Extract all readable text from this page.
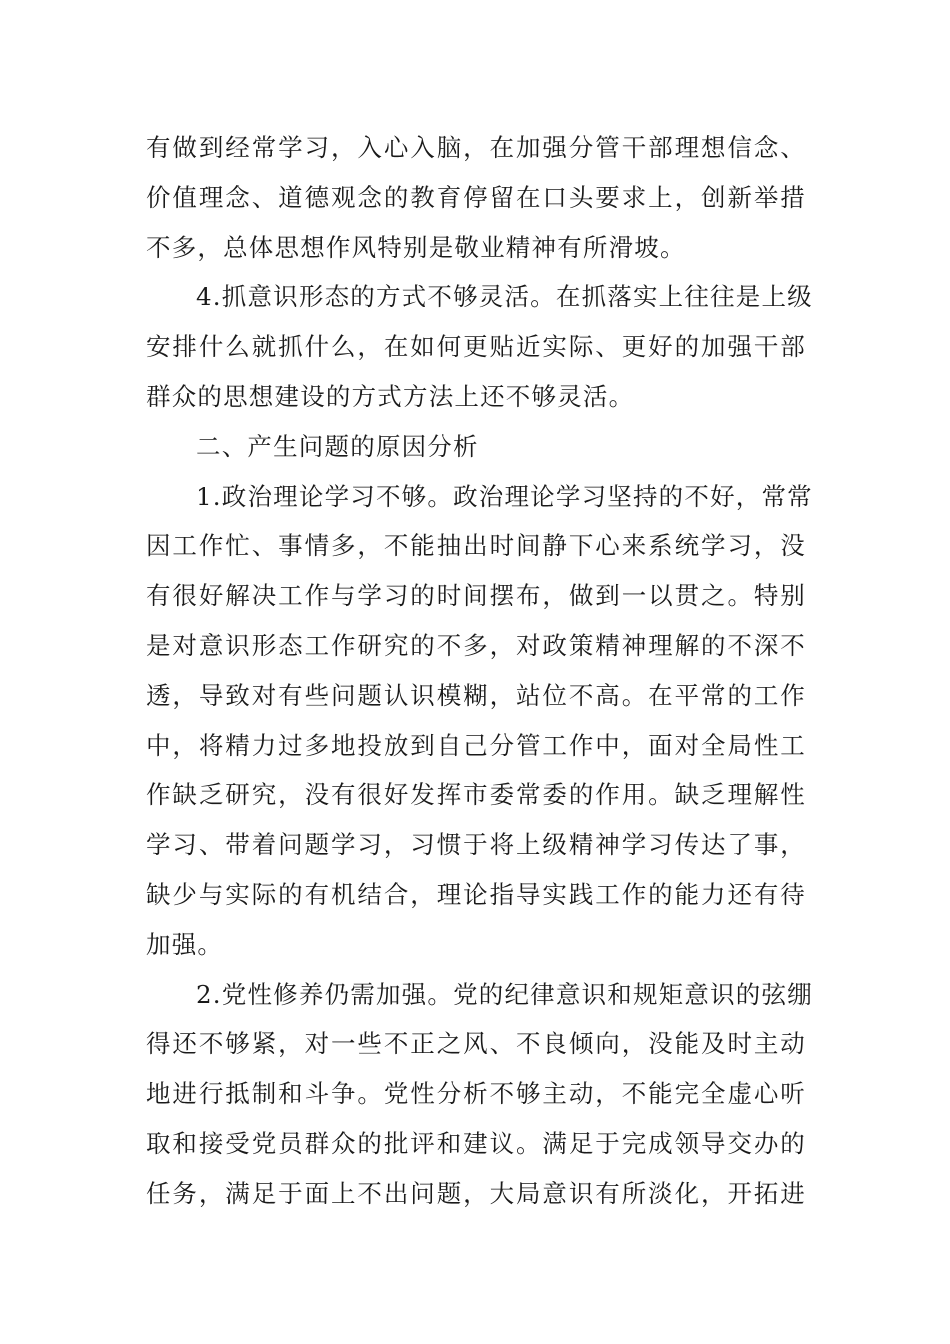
有做到经常学习，入心入脑，在加强分管干部理想信念、
价值理念、道德观念的教育停留在口头要求上，创新举措
不多，总体思想作风特别是敬业精神有所滑坡。
4.抓意识形态的方式不够灵活。在抓落实上往往是上级
安排什么就抓什么，在如何更贴近实际、更好的加强干部
群众的思想建设的方式方法上还不够灵活。
二、产生问题的原因分析
1.政治理论学习不够。政治理论学习坚持的不好，常常
因工作忙、事情多，不能抽出时间静下心来系统学习，没
有很好解决工作与学习的时间摆布，做到一以贯之。特别
是对意识形态工作研究的不多，对政策精神理解的不深不
透，导致对有些问题认识模糊，站位不高。在平常的工作
中，将精力过多地投放到自己分管工作中，面对全局性工
作缺乏研究，没有很好发挥市委常委的作用。缺乏理解性
学习、带着问题学习，习惯于将上级精神学习传达了事，
缺少与实际的有机结合，理论指导实践工作的能力还有待
加强。
2.党性修养仍需加强。党的纪律意识和规矩意识的弦绷
得还不够紧，对一些不正之风、不良倾向，没能及时主动
地进行抵制和斗争。党性分析不够主动，不能完全虚心听
取和接受党员群众的批评和建议。满足于完成领导交办的
任务，满足于面上不出问题，大局意识有所淡化，开拓进
